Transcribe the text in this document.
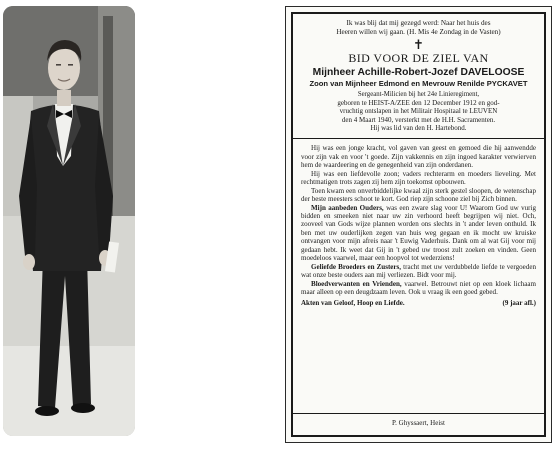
Ik was blij dat mij gezegd werd: Naar het huis des
Heeren willen wij gaan. (H. Mis 4e Zondag in de Vasten)

✝
BID VOOR DE ZIEL VAN
Mijnheer Achille-Robert-Jozef DAVELOOSE
Zoon van Mijnheer Edmond en Mevrouw Renilde PYCKAVET
Sergeant-Milicien bij het 24e Linieregiment,

geboren te HEIST-A/ZEE den 12 December 1912 en god-
vruchtig ontslapen in het Militair Hospitaal te LEUVEN
den 4 Maart 1940, versterkt met de H.H. Sacramenten.
Hij was lid van den H. Hartebond.

Hij was een jonge kracht, vol gaven van geest en gemoed die hij aanwendde voor zijn vak en voor 't goede. Zijn vakkennis en zijn ingoed karakter verwierven hem de waardeering en de genegenheid van zijn onderdanen.

Hij was een liefdevolle zoon; vaders rechterarm en moeders lieveling. Met rechtmatigen trots zagen zij hem zijn toekomst opbouwen.

Toen kwam een onverbiddelijke kwaal zijn sterk gestel sloopen, de wetenschap der beste meesters schoot te kort. God riep zijn schoone ziel bij Zich binnen.

Mijn aanbeden Ouders, was een zware slag voor U! Waarom God uw vurig bidden en smeeken niet naar uw zin verhoord heeft begrijpen wij niet. Och, zooveel van Gods wijze plannen worden ons slechts in 't ander leven onthuld. Ik ben met uw ouderlijken zegen van huis weg gegaan en ik mocht uw kruiske ontvangen voor mijn afreis naar 't Euwig Vaderhuis. Dank om al wat Gij voor mij gedaan hebt. Ik weet dat Gij in 't gebed uw troost zult zoeken en vinden. Geen moedeloos vaarwel, maar een hoopvol tot wederziens!

Geliefde Broeders en Zusters, tracht met uw verdubbelde liefde te vergoeden wat onze beste ouders aan mij verliezen. Bidt voor mij.

Bloedverwanten en Vrienden, vaarwel. Betrouwt niet op een kloek lichaam maar alleen op een deugdzaam leven. Ook u vraag ik een goed gebed.

Akten van Geloof, Hoop en Liefde.	(9 jaar afl.)
P. Ghyssaert, Heist
